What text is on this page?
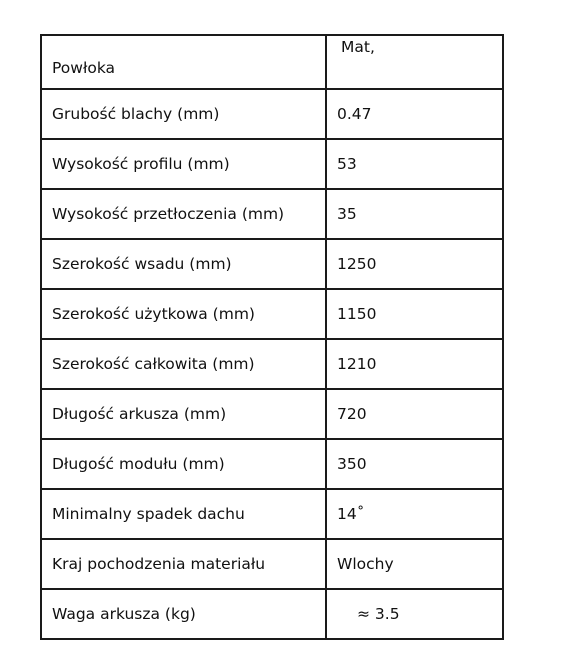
Powłoka	Mat,
Grubość blachy (mm)	0.47
Wysokość profilu (mm)	53
Wysokość przetłoczenia (mm)	35
Szerokość wsadu (mm)	1250
Szerokość użytkowa (mm)	1150
Szerokość całkowita (mm)	1210
Długość arkusza (mm)	720
Długość modułu (mm)	350
Minimalny spadek dachu	14˚
Kraj pochodzenia materiału	Wlochy
Waga arkusza (kg)	≈ 3.5
